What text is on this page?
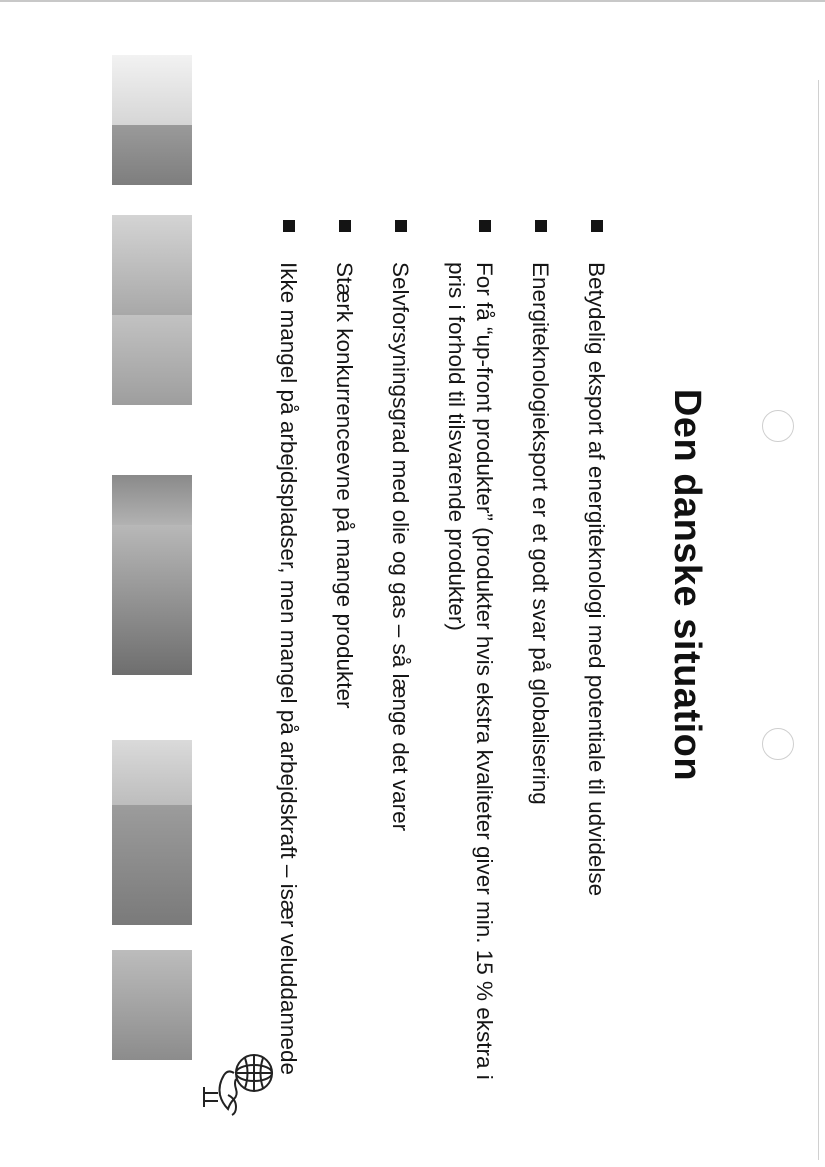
Den danske situation
Betydelig eksport af energiteknologi med potentiale til udvidelse
Energiteknologieksport er et godt svar på globalisering
For få “up-front produkter” (produkter hvis ekstra kvaliteter giver min. 15 % ekstra i pris i forhold til tilsvarende produkter)
Selvforsyningsgrad med olie og gas – så længe det varer
Stærk konkurrenceevne på mange produkter
Ikke mangel på arbejdspladser, men mangel på arbejdskraft – især veluddannede
